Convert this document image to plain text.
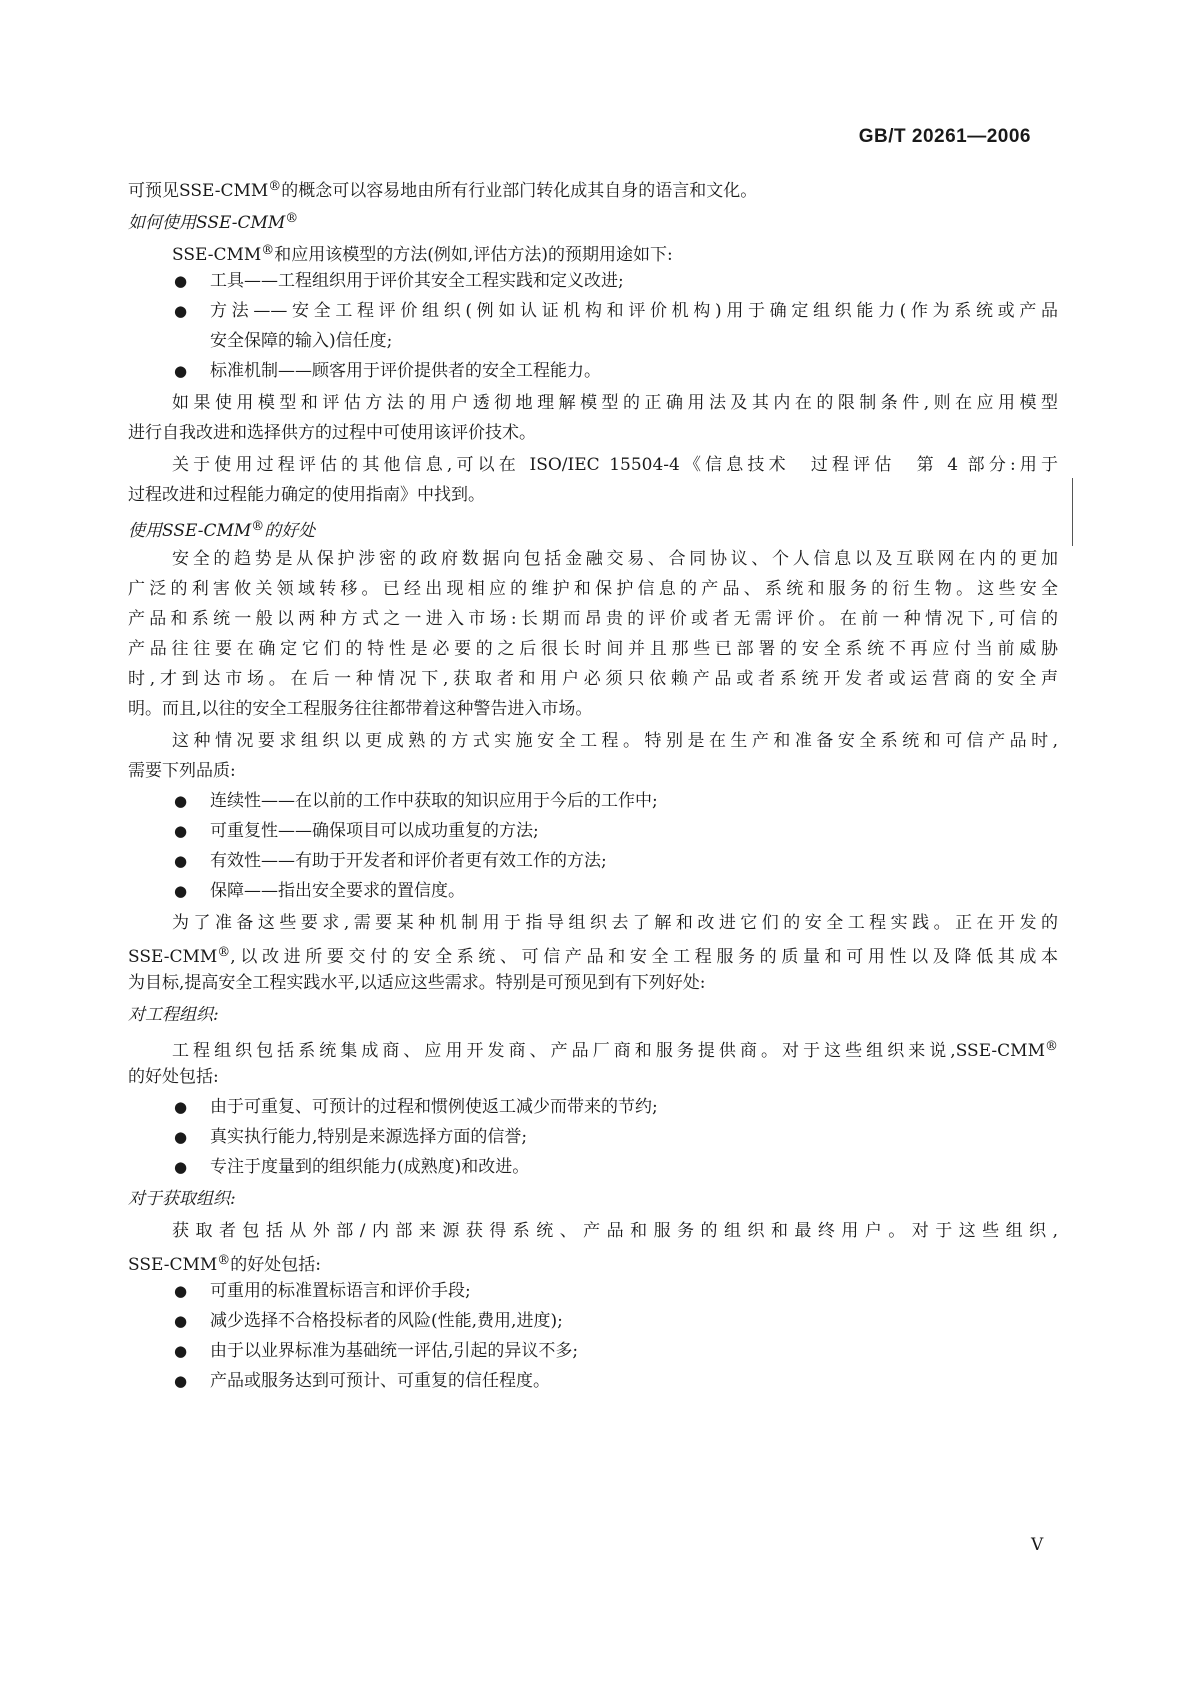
GB/T 20261—2006
可预见SSE-CMM®的概念可以容易地由所有行业部门转化成其自身的语言和文化。
如何使用SSE-CMM®
SSE-CMM®和应用该模型的方法(例如,评估方法)的预期用途如下:
● 工具——工程组织用于评价其安全工程实践和定义改进;
● 方法——安全工程评价组织(例如认证机构和评价机构)用于确定组织能力(作为系统或产品
安全保障的输入)信任度;
● 标准机制——顾客用于评价提供者的安全工程能力。
如果使用模型和评估方法的用户透彻地理解模型的正确用法及其内在的限制条件,则在应用模型
进行自我改进和选择供方的过程中可使用该评价技术。
关于使用过程评估的其他信息,可以在 ISO/IEC 15504-4《信息技术　过程评估　第 4 部分:用于
过程改进和过程能力确定的使用指南》中找到。
使用SSE-CMM®的好处
安全的趋势是从保护涉密的政府数据向包括金融交易、合同协议、个人信息以及互联网在内的更加
广泛的利害攸关领域转移。已经出现相应的维护和保护信息的产品、系统和服务的衍生物。这些安全
产品和系统一般以两种方式之一进入市场:长期而昂贵的评价或者无需评价。在前一种情况下,可信的
产品往往要在确定它们的特性是必要的之后很长时间并且那些已部署的安全系统不再应付当前威胁
时,才到达市场。在后一种情况下,获取者和用户必须只依赖产品或者系统开发者或运营商的安全声
明。而且,以往的安全工程服务往往都带着这种警告进入市场。
这种情况要求组织以更成熟的方式实施安全工程。特别是在生产和准备安全系统和可信产品时,
需要下列品质:
● 连续性——在以前的工作中获取的知识应用于今后的工作中;
● 可重复性——确保项目可以成功重复的方法;
● 有效性——有助于开发者和评价者更有效工作的方法;
● 保障——指出安全要求的置信度。
为了准备这些要求,需要某种机制用于指导组织去了解和改进它们的安全工程实践。正在开发的
SSE-CMM®,以改进所要交付的安全系统、可信产品和安全工程服务的质量和可用性以及降低其成本
为目标,提高安全工程实践水平,以适应这些需求。特别是可预见到有下列好处:
对工程组织:
工程组织包括系统集成商、应用开发商、产品厂商和服务提供商。对于这些组织来说,SSE-CMM®
的好处包括:
● 由于可重复、可预计的过程和惯例使返工减少而带来的节约;
● 真实执行能力,特别是来源选择方面的信誉;
● 专注于度量到的组织能力(成熟度)和改进。
对于获取组织:
获取者包括从外部/内部来源获得系统、产品和服务的组织和最终用户。对于这些组织,
SSE-CMM®的好处包括:
● 可重用的标准置标语言和评价手段;
● 减少选择不合格投标者的风险(性能,费用,进度);
● 由于以业界标准为基础统一评估,引起的异议不多;
● 产品或服务达到可预计、可重复的信任程度。
V
